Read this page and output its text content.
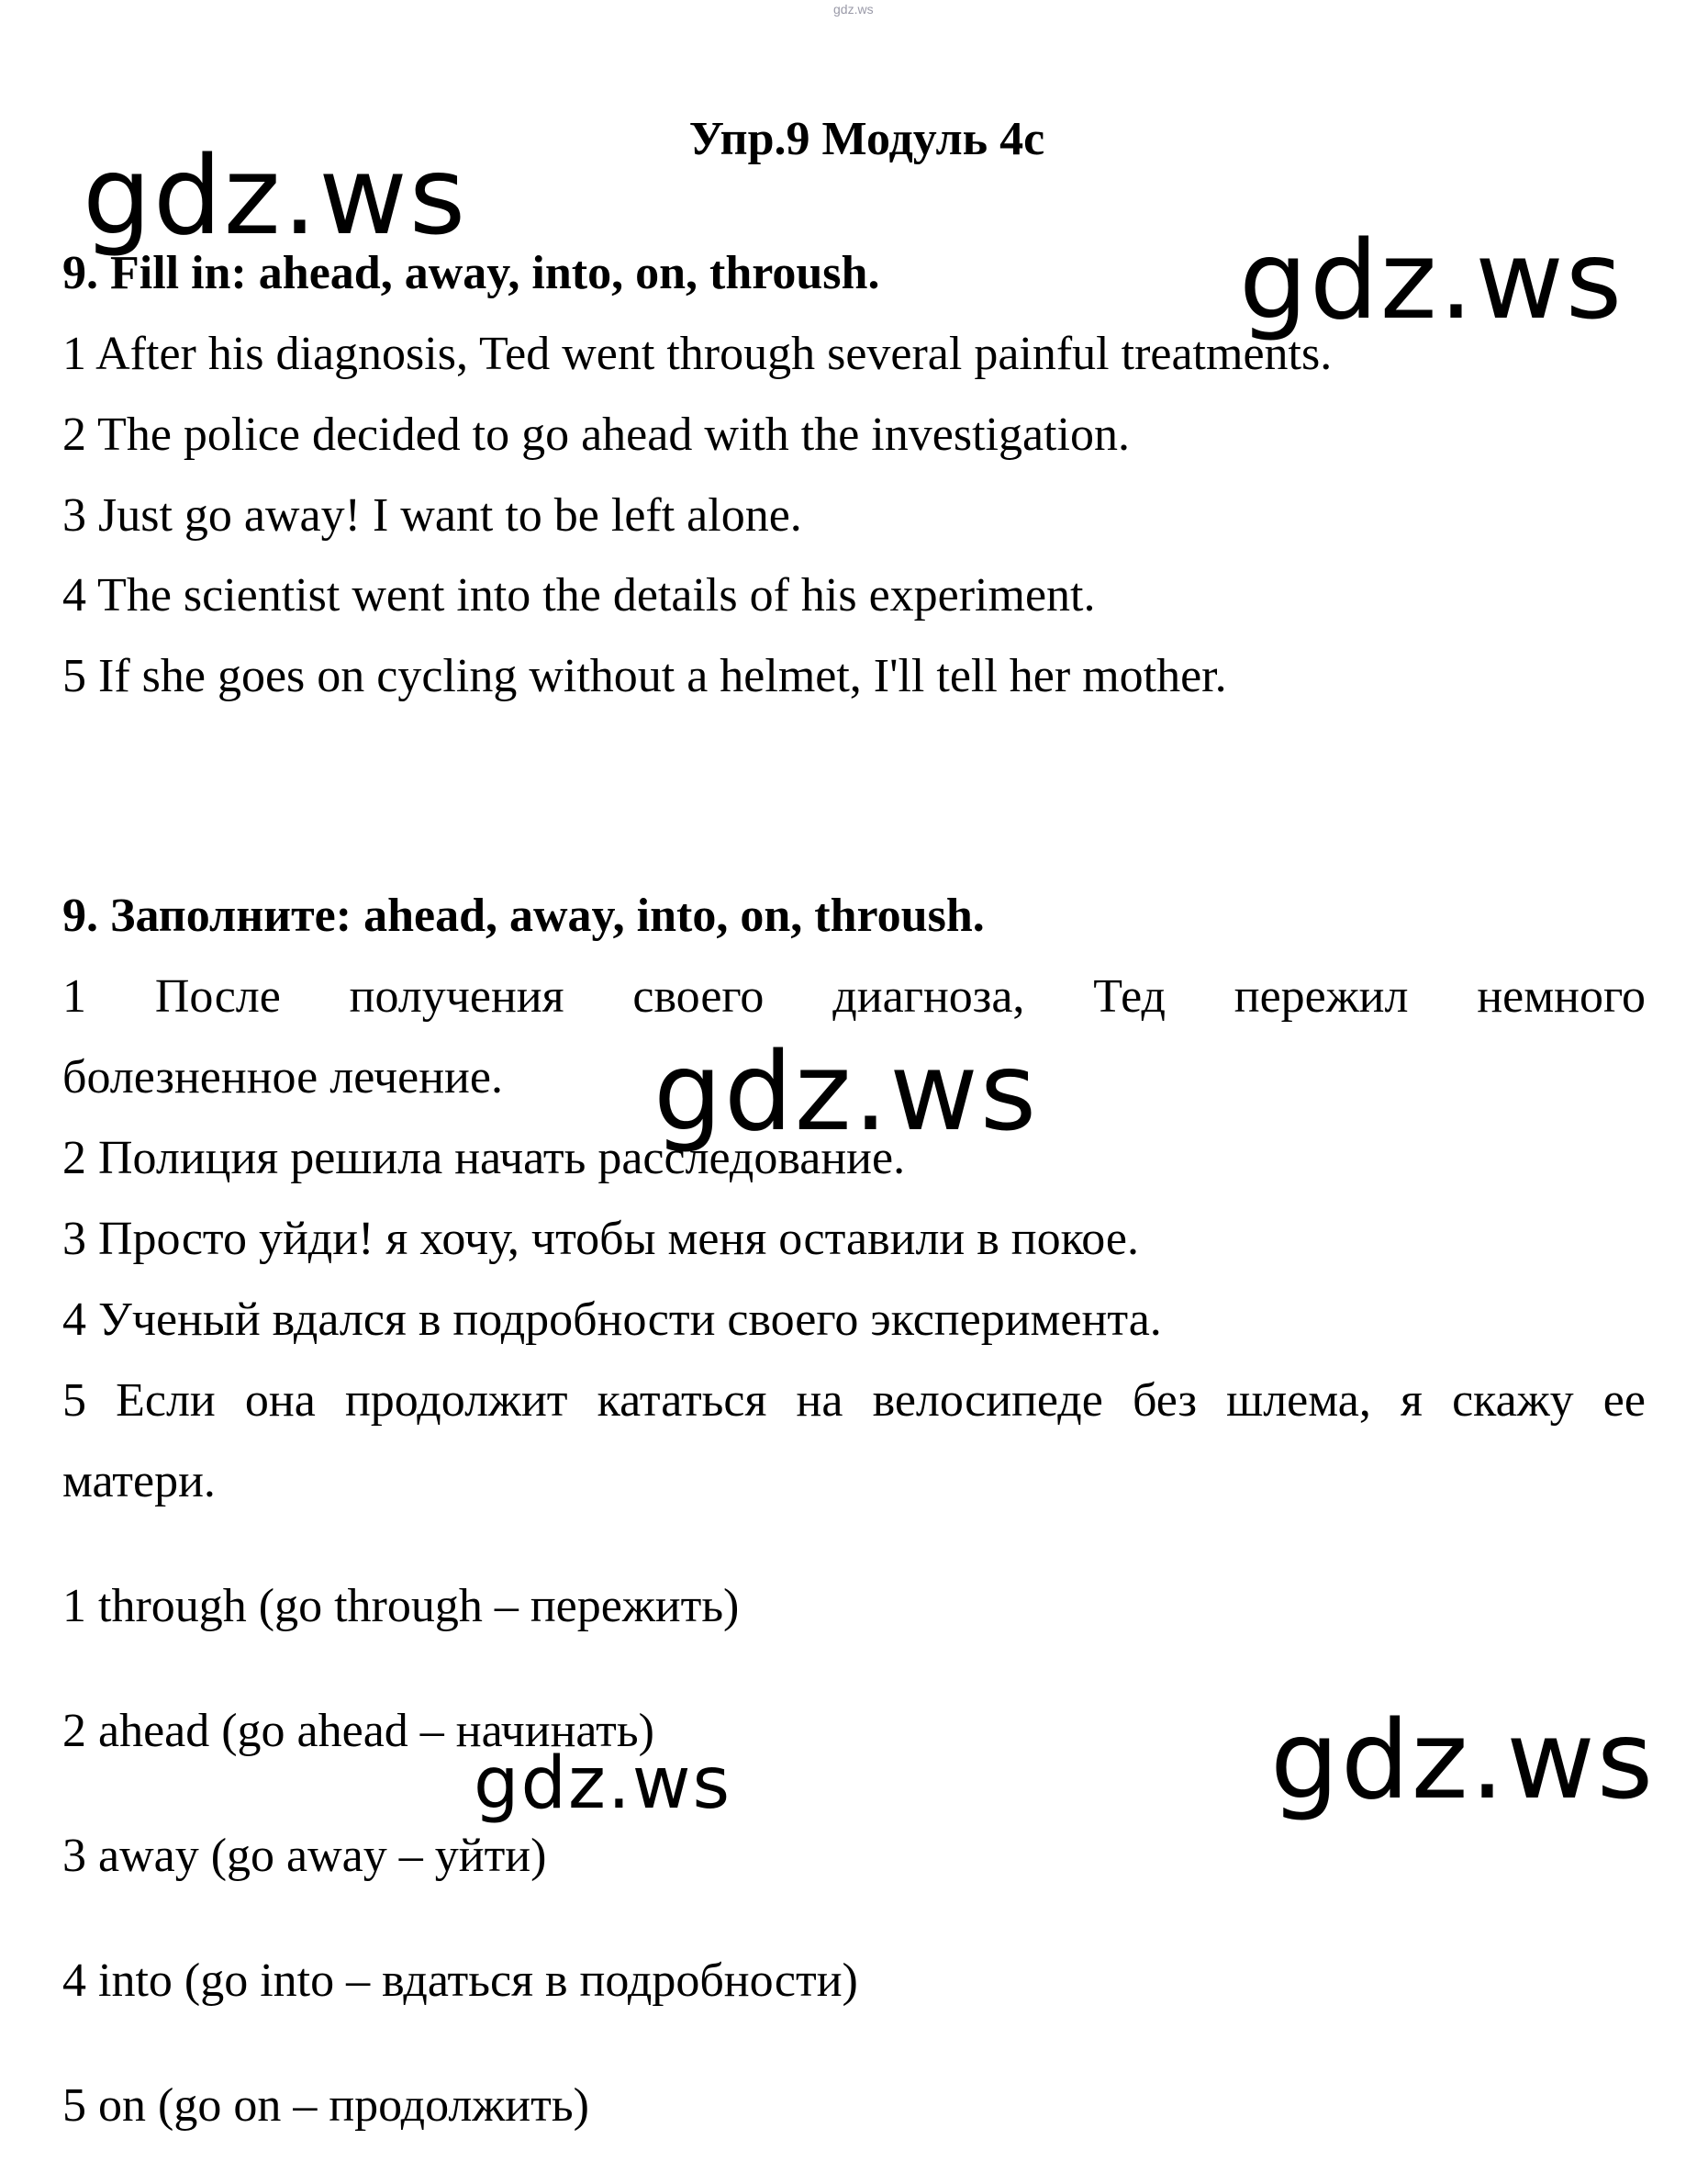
gdz.ws
Упр.9 Модуль 4с
9. Fill in: ahead, away, into, on, throush.
1 After his diagnosis, Ted went through several painful treatments.
2 The police decided to go ahead with the investigation.
3 Just go away! I want to be left alone.
4 The scientist went into the details of his experiment.
5 If she goes on cycling without a helmet, I'll tell her mother.
9. Заполните: ahead, away, into, on, throush.
1 После получения своего диагноза, Тед пережил немного
болезненное лечение.
2 Полиция решила начать расследование.
3 Просто уйди! я хочу, чтобы меня оставили в покое.
4 Ученый вдался в подробности своего эксперимента.
5 Если она продолжит кататься на велосипеде без шлема, я скажу ее
матери.
1 through (go through – пережить)
2 ahead (go ahead – начинать)
3 away (go away – уйти)
4 into (go into – вдаться в подробности)
5 on (go on – продолжить)
gdz.ws
gdz.ws
gdz.ws
gdz.ws
gdz.ws
